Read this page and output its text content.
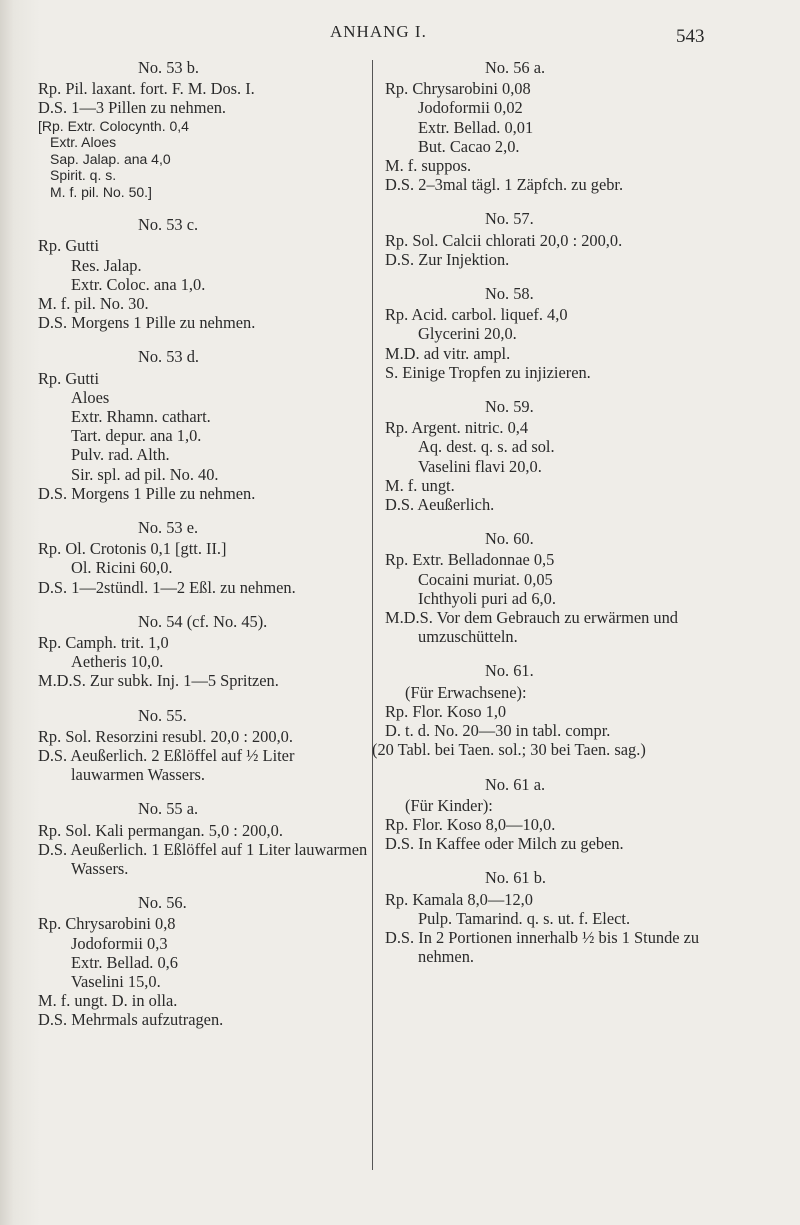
ANHANG I.	543
No. 53 b.
Rp. Pil. laxant. fort. F. M. Dos. I.
D.S. 1—3 Pillen zu nehmen.
[Rp. Extr. Colocynth. 0,4
Extr. Aloes
Sap. Jalap. ana 4,0
Spirit. q. s.
M. f. pil. No. 50.]
No. 53 c.
Rp. Gutti
Res. Jalap.
Extr. Coloc. ana 1,0.
M. f. pil. No. 30.
D.S. Morgens 1 Pille zu nehmen.
No. 53 d.
Rp. Gutti
Aloes
Extr. Rhamn. cathart.
Tart. depur. ana 1,0.
Pulv. rad. Alth.
Sir. spl. ad pil. No. 40.
D.S. Morgens 1 Pille zu nehmen.
No. 53 e.
Rp. Ol. Crotonis 0,1 [gtt. II.]
Ol. Ricini 60,0.
D.S. 1—2stündl. 1—2 Eßl. zu nehmen.
No. 54 (cf. No. 45).
Rp. Camph. trit. 1,0
Aetheris 10,0.
M.D.S. Zur subk. Inj. 1—5 Spritzen.
No. 55.
Rp. Sol. Resorzini resubl. 20,0 : 200,0.
D.S. Aeußerlich. 2 Eßlöffel auf ½ Liter lauwarmen Wassers.
No. 55 a.
Rp. Sol. Kali permangan. 5,0 : 200,0.
D.S. Aeußerlich. 1 Eßlöffel auf 1 Liter lauwarmen Wassers.
No. 56.
Rp. Chrysarobini 0,8
Jodoformii 0,3
Extr. Bellad. 0,6
Vaselini 15,0.
M. f. ungt. D. in olla.
D.S. Mehrmals aufzutragen.
No. 56 a.
Rp. Chrysarobini 0,08
Jodoformii 0,02
Extr. Bellad. 0,01
But. Cacao 2,0.
M. f. suppos.
D.S. 2–3mal tägl. 1 Zäpfch. zu gebr.
No. 57.
Rp. Sol. Calcii chlorati 20,0 : 200,0.
D.S. Zur Injektion.
No. 58.
Rp. Acid. carbol. liquef. 4,0
Glycerini 20,0.
M.D. ad vitr. ampl.
S. Einige Tropfen zu injizieren.
No. 59.
Rp. Argent. nitric. 0,4
Aq. dest. q. s. ad sol.
Vaselini flavi 20,0.
M. f. ungt.
D.S. Aeußerlich.
No. 60.
Rp. Extr. Belladonnae 0,5
Cocaini muriat. 0,05
Ichthyoli puri ad 6,0.
M.D.S. Vor dem Gebrauch zu erwärmen und umzuschütteln.
No. 61.
(Für Erwachsene):
Rp. Flor. Koso 1,0
D. t. d. No. 20—30 in tabl. compr.
(20 Tabl. bei Taen. sol.; 30 bei Taen. sag.)
No. 61 a.
(Für Kinder):
Rp. Flor. Koso 8,0—10,0.
D.S. In Kaffee oder Milch zu geben.
No. 61 b.
Rp. Kamala 8,0—12,0
Pulp. Tamarind. q. s. ut. f. Elect.
D.S. In 2 Portionen innerhalb ½ bis 1 Stunde zu nehmen.
